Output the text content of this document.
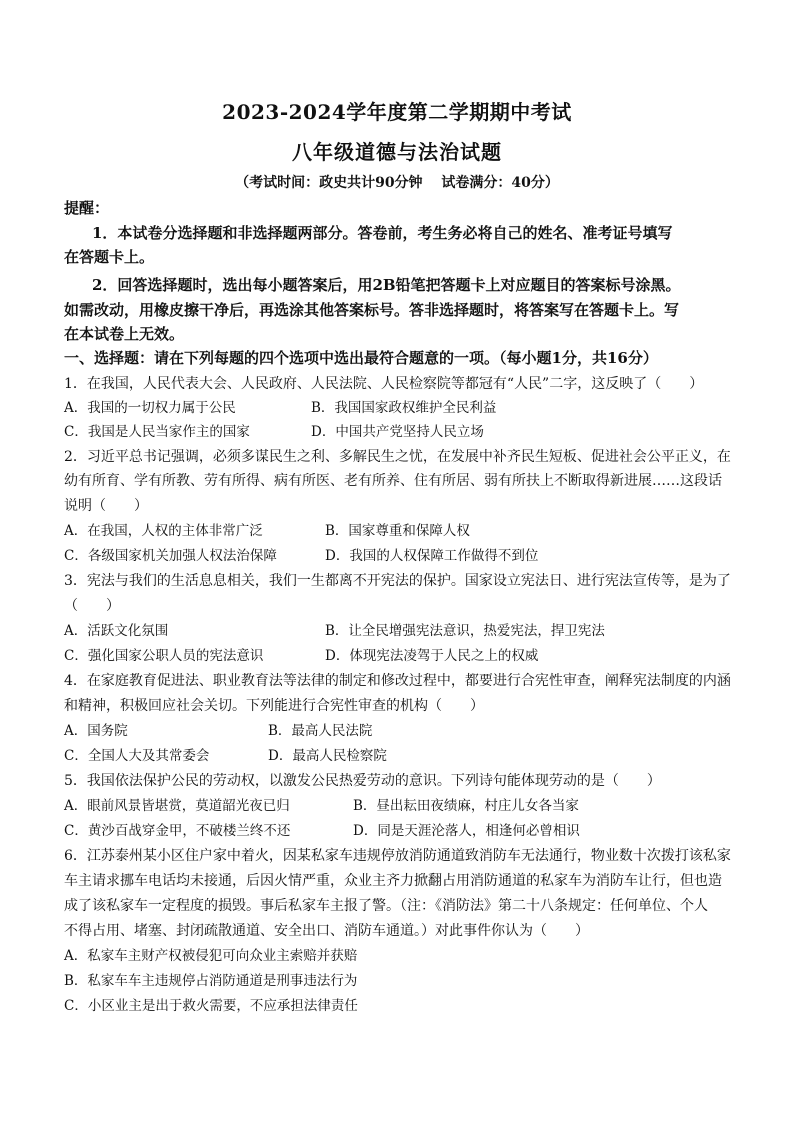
2023-2024学年度第二学期期中考试
八年级道德与法治试题
（考试时间：政史共计90分钟　 试卷满分：40分）
提醒：
1．本试卷分选择题和非选择题两部分。答卷前，考生务必将自己的姓名、准考证号填写
在答题卡上。
2．回答选择题时，选出每小题答案后，用2B铅笔把答题卡上对应题目的答案标号涂黑。
如需改动，用橡皮擦干净后，再选涂其他答案标号。答非选择题时，将答案写在答题卡上。写
在本试卷上无效。
一、选择题：请在下列每题的四个选项中选出最符合题意的一项。（每小题1分，共16分）
1．在我国，人民代表大会、人民政府、人民法院、人民检察院等都冠有“人民”二字，这反映了（　　）
A．我国的一切权力属于公民	B．我国国家政权维护全民利益
C．我国是人民当家作主的国家	D．中国共产党坚持人民立场
2．习近平总书记强调，必须多谋民生之利、多解民生之忧，在发展中补齐民生短板、促进社会公平正义，在
幼有所育、学有所教、劳有所得、病有所医、老有所养、住有所居、弱有所扶上不断取得新进展……这段话
说明（　　）
A．在我国，人权的主体非常广泛	B．国家尊重和保障人权
C．各级国家机关加强人权法治保障	D．我国的人权保障工作做得不到位
3．宪法与我们的生活息息相关，我们一生都离不开宪法的保护。国家设立宪法日、进行宪法宣传等，是为了
（　　）
A．活跃文化氛围	B．让全民增强宪法意识，热爱宪法，捍卫宪法
C．强化国家公职人员的宪法意识	D．体现宪法凌驾于人民之上的权威
4．在家庭教育促进法、职业教育法等法律的制定和修改过程中，都要进行合宪性审查，阐释宪法制度的内涵
和精神，积极回应社会关切。下列能进行合宪性审查的机构（　　）
A．国务院	B．最高人民法院
C．全国人大及其常委会	D．最高人民检察院
5．我国依法保护公民的劳动权，以激发公民热爱劳动的意识。下列诗句能体现劳动的是（　　）
A．眼前风景皆堪赏，莫道韶光夜已归	B．昼出耘田夜绩麻，村庄儿女各当家
C．黄沙百战穿金甲，不破楼兰终不还	D．同是天涯沦落人，相逢何必曾相识
6．江苏泰州某小区住户家中着火，因某私家车违规停放消防通道致消防车无法通行，物业数十次拨打该私家
车主请求挪车电话均未接通，后因火情严重，众业主齐力掀翻占用消防通道的私家车为消防车让行，但也造
成了该私家车一定程度的损毁。事后私家车主报了警。（注：《消防法》第二十八条规定：任何单位、个人
不得占用、堵塞、封闭疏散通道、安全出口、消防车通道。）对此事件你认为（　　）
A．私家车主财产权被侵犯可向众业主索赔并获赔
B．私家车车主违规停占消防通道是刑事违法行为
C．小区业主是出于救火需要，不应承担法律责任
